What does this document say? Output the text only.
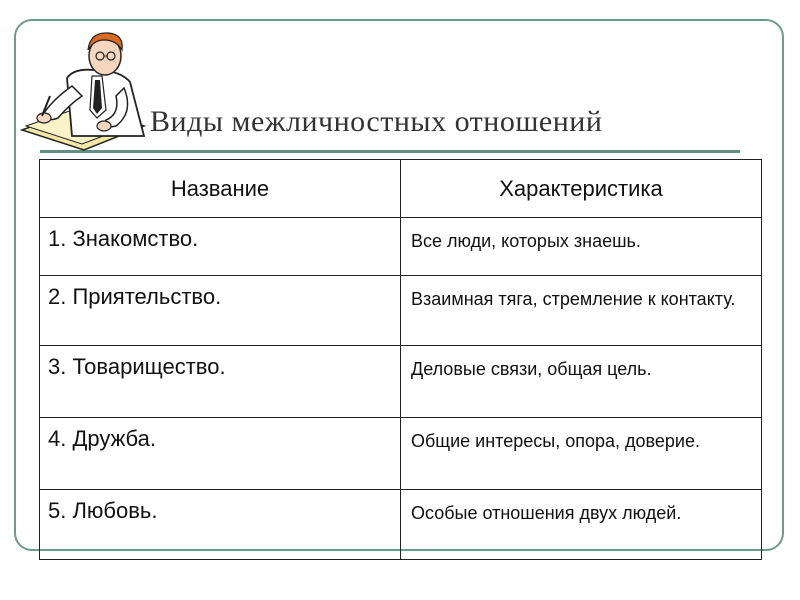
Виды межличностных отношений
Название	Характеристика
1. Знакомство.	Все люди, которых знаешь.
2. Приятельство.	Взаимная тяга, стремление к контакту.
3. Товарищество.	Деловые связи, общая цель.
4. Дружба.	Общие интересы, опора, доверие.
5. Любовь.	Особые отношения двух людей.
